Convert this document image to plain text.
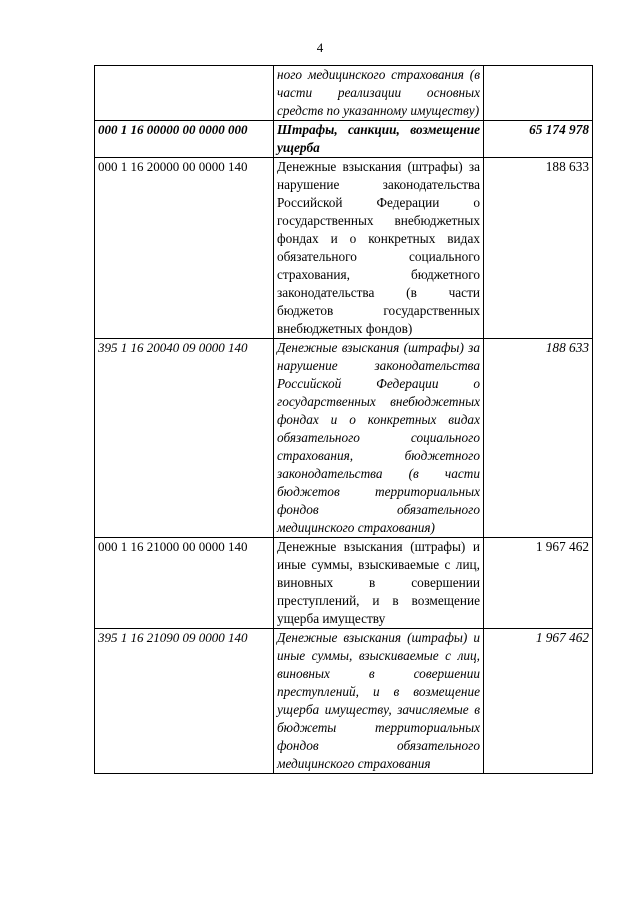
4
	ного медицинского страхования (в части реализации основных средств по указанному имуществу)	
000 1 16 00000 00 0000 000	Штрафы, санкции, возмещение ущерба	65 174 978
000 1 16 20000 00 0000 140	Денежные взыскания (штрафы) за нарушение законодательства Российской Федерации о государственных внебюджетных фондах и о конкретных видах обязательного социального страхования, бюджетного законодательства (в части бюджетов государственных внебюджетных фондов)	188 633
395 1 16 20040 09 0000 140	Денежные взыскания (штрафы) за нарушение законодательства Российской Федерации о государственных внебюджетных фондах и о конкретных видах обязательного социального страхования, бюджетного законодательства (в части бюджетов территориальных фондов обязательного медицинского страхования)	188 633
000 1 16 21000 00 0000 140	Денежные взыскания (штрафы) и иные суммы, взыскиваемые с лиц, виновных в совершении преступлений, и в возмещение ущерба имуществу	1 967 462
395 1 16 21090 09 0000 140	Денежные взыскания (штрафы) и иные суммы, взыскиваемые с лиц, виновных в совершении преступлений, и в возмещение ущерба имуществу, зачисляемые в бюджеты территориальных фондов обязательного медицинского страхования	1 967 462
